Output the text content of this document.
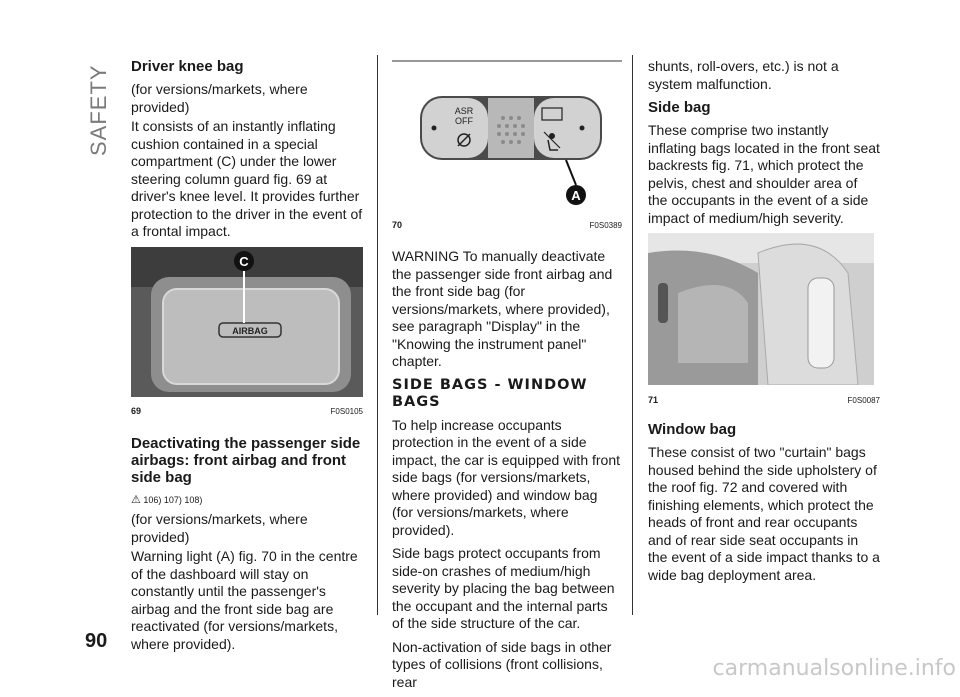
SAFETY
90

Driver knee bag

(for versions/markets, where provided)

It consists of an instantly inflating cushion contained in a special compartment (C) under the lower steering column guard fig. 69 at driver's knee level. It provides further protection to the driver in the event of a frontal impact.

AIRBAG
C
69	F0S0105

Deactivating the passenger side airbags: front airbag and front side bag

⚠ 106) 107) 108)

(for versions/markets, where provided)

Warning light (A) fig. 70 in the centre of the dashboard will stay on constantly until the passenger's airbag and the front side bag are reactivated (for versions/markets, where provided).

ASR
OFF
A
70	F0S0389

WARNING To manually deactivate the passenger side front airbag and the front side bag (for versions/markets, where provided), see paragraph "Display" in the "Knowing the instrument panel" chapter.

SIDE BAGS - WINDOW BAGS

To help increase occupants protection in the event of a side impact, the car is equipped with front side bags (for versions/markets, where provided) and window bag (for versions/markets, where provided).

Side bags protect occupants from side-on crashes of medium/high severity by placing the bag between the occupant and the internal parts of the side structure of the car.

Non-activation of side bags in other types of collisions (front collisions, rear

shunts, roll-overs, etc.) is not a system malfunction.

Side bag

These comprise two instantly inflating bags located in the front seat backrests fig. 71, which protect the pelvis, chest and shoulder area of the occupants in the event of a side impact of medium/high severity.

71	F0S0087

Window bag

These consist of two "curtain" bags housed behind the side upholstery of the roof fig. 72 and covered with finishing elements, which protect the heads of front and rear occupants and of rear side seat occupants in the event of a side impact thanks to a wide bag deployment area.

carmanualsonline.info
